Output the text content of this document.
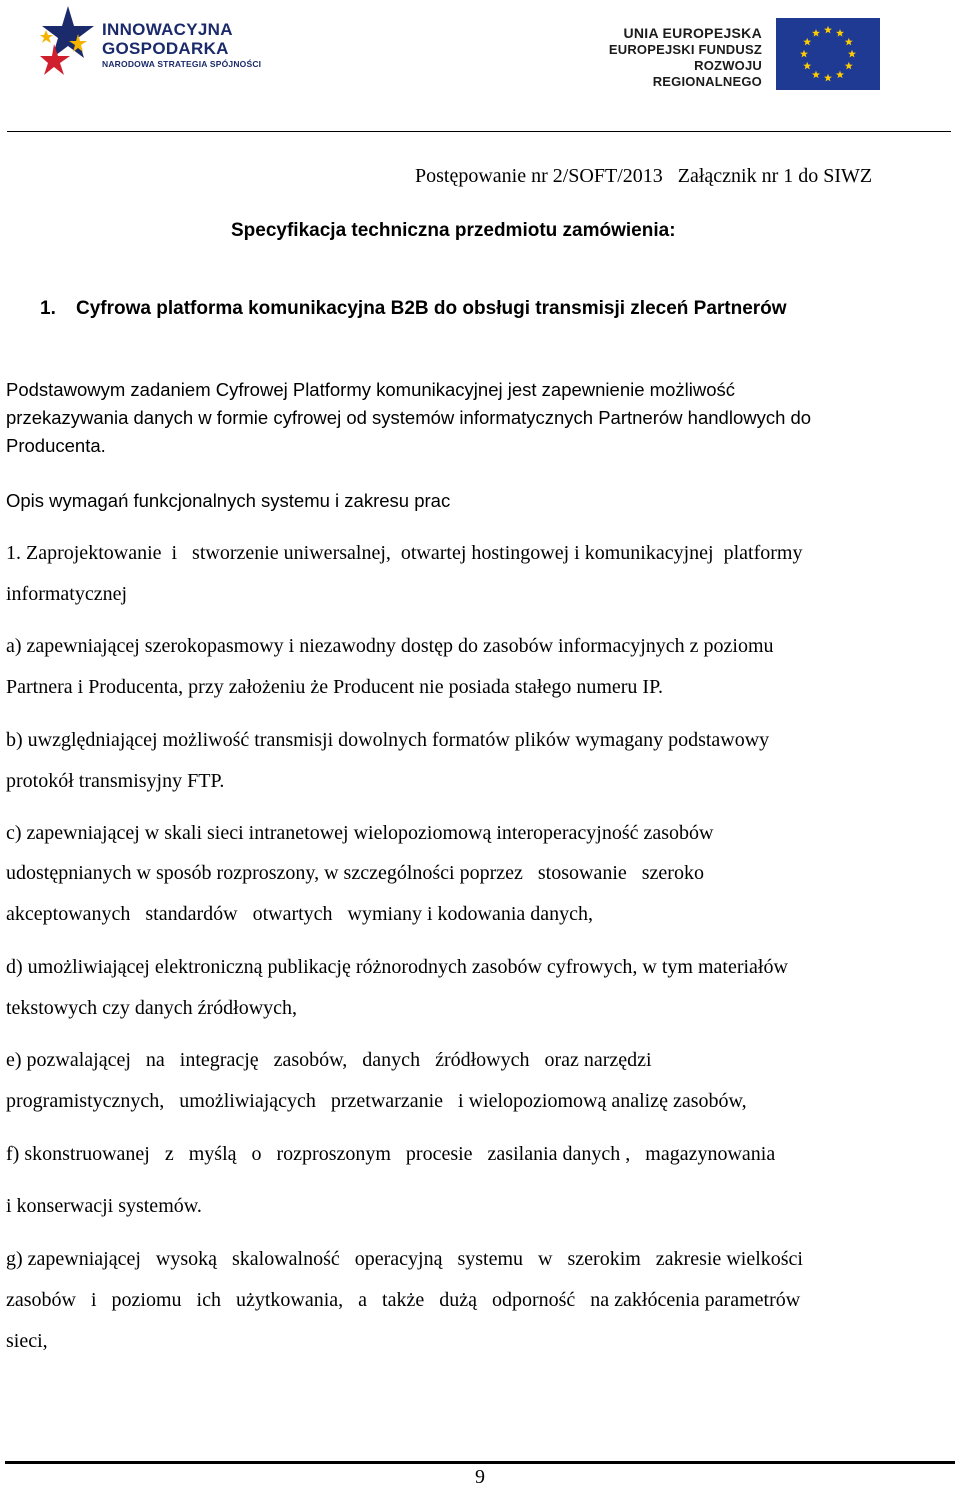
INNOWACYJNA
GOSPODARKA
NARODOWA STRATEGIA SPÓJNOŚCI
UNIA EUROPEJSKA
EUROPEJSKI FUNDUSZ
ROZWOJU REGIONALNEGO
Postępowanie nr 2/SOFT/2013   Załącznik nr 1 do SIWZ
Specyfikacja techniczna przedmiotu zamówienia:
1. Cyfrowa platforma komunikacyjna B2B do obsługi transmisji zleceń Partnerów
Podstawowym zadaniem Cyfrowej Platformy komunikacyjnej jest zapewnienie możliwość
przekazywania danych w formie cyfrowej od systemów informatycznych Partnerów handlowych do
Producenta.
Opis wymagań funkcjonalnych systemu i zakresu prac
1. Zaprojektowanie  i   stworzenie uniwersalnej,  otwartej hostingowej i komunikacyjnej  platformy
informatycznej
a) zapewniającej szerokopasmowy i niezawodny dostęp do zasobów informacyjnych z poziomu
Partnera i Producenta, przy założeniu że Producent nie posiada stałego numeru IP.
b) uwzględniającej możliwość transmisji dowolnych formatów plików wymagany podstawowy
protokół transmisyjny FTP.
c) zapewniającej w skali sieci intranetowej wielopoziomową interoperacyjność zasobów
udostępnianych w sposób rozproszony, w szczególności poprzez   stosowanie   szeroko
akceptowanych   standardów   otwartych   wymiany i kodowania danych,
d) umożliwiającej elektroniczną publikację różnorodnych zasobów cyfrowych, w tym materiałów
tekstowych czy danych źródłowych,
e) pozwalającej   na   integrację   zasobów,   danych   źródłowych   oraz narzędzi
programistycznych,   umożliwiających   przetwarzanie   i wielopoziomową analizę zasobów,
f) skonstruowanej   z   myślą   o   rozproszonym   procesie   zasilania danych ,   magazynowania
i konserwacji systemów.
g) zapewniającej   wysoką   skalowalność   operacyjną   systemu   w   szerokim   zakresie wielkości
zasobów   i   poziomu   ich   użytkowania,   a   także   dużą   odporność   na zakłócenia parametrów
sieci,
9
